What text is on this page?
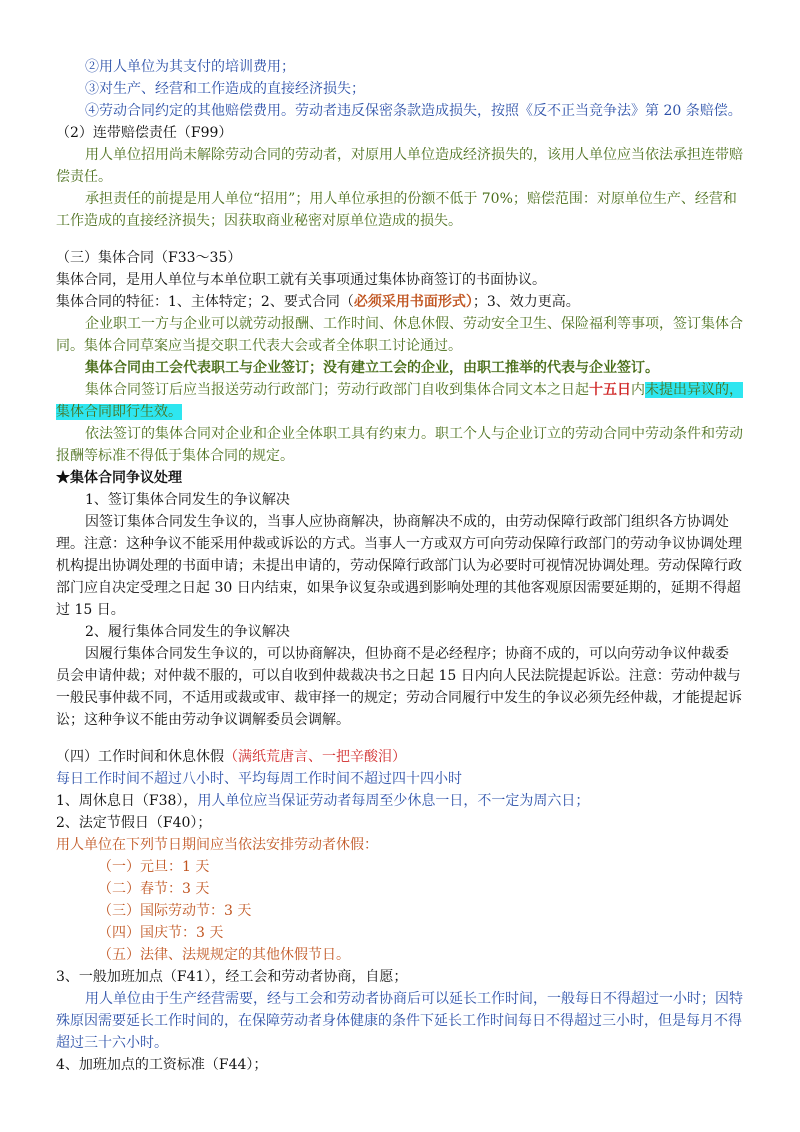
②用人单位为其支付的培训费用；
③对生产、经营和工作造成的直接经济损失；
④劳动合同约定的其他赔偿费用。劳动者违反保密条款造成损失，按照《反不正当竞争法》第 20 条赔偿。
（2）连带赔偿责任（F99）
用人单位招用尚未解除劳动合同的劳动者，对原用人单位造成经济损失的，该用人单位应当依法承担连带赔
偿责任。
承担责任的前提是用人单位“招用”；用人单位承担的份额不低于 70%；赔偿范围：对原单位生产、经营和
工作造成的直接经济损失；因获取商业秘密对原单位造成的损失。
（三）集体合同（F33～35）
集体合同，是用人单位与本单位职工就有关事项通过集体协商签订的书面协议。
集体合同的特征：1、主体特定；2、要式合同（必须采用书面形式）；3、效力更高。
企业职工一方与企业可以就劳动报酬、工作时间、休息休假、劳动安全卫生、保险福利等事项，签订集体合
同。集体合同草案应当提交职工代表大会或者全体职工讨论通过。
集体合同由工会代表职工与企业签订；没有建立工会的企业，由职工推举的代表与企业签订。
集体合同签订后应当报送劳动行政部门；劳动行政部门自收到集体合同文本之日起十五日内未提出异议的，
集体合同即行生效。
依法签订的集体合同对企业和企业全体职工具有约束力。职工个人与企业订立的劳动合同中劳动条件和劳动
报酬等标准不得低于集体合同的规定。
★集体合同争议处理
1、签订集体合同发生的争议解决
因签订集体合同发生争议的，当事人应协商解决，协商解决不成的，由劳动保障行政部门组织各方协调处
理。注意：这种争议不能采用仲裁或诉讼的方式。当事人一方或双方可向劳动保障行政部门的劳动争议协调处理
机构提出协调处理的书面申请；未提出申请的，劳动保障行政部门认为必要时可视情况协调处理。劳动保障行政
部门应自决定受理之日起 30 日内结束，如果争议复杂或遇到影响处理的其他客观原因需要延期的，延期不得超
过 15 日。
2、履行集体合同发生的争议解决
因履行集体合同发生争议的，可以协商解决，但协商不是必经程序；协商不成的，可以向劳动争议仲裁委
员会申请仲裁；对仲裁不服的，可以自收到仲裁裁决书之日起 15 日内向人民法院提起诉讼。注意：劳动仲裁与
一般民事仲裁不同，不适用或裁或审、裁审择一的规定；劳动合同履行中发生的争议必须先经仲裁，才能提起诉
讼；这种争议不能由劳动争议调解委员会调解。
（四）工作时间和休息休假（满纸荒唐言、一把辛酸泪）
每日工作时间不超过八小时、平均每周工作时间不超过四十四小时
1、周休息日（F38），用人单位应当保证劳动者每周至少休息一日，不一定为周六日；
2、法定节假日（F40）；
用人单位在下列节日期间应当依法安排劳动者休假：
（一）元旦：1 天
（二）春节：3 天
（三）国际劳动节：3 天
（四）国庆节：3 天
（五）法律、法规规定的其他休假节日。
3、一般加班加点（F41），经工会和劳动者协商，自愿；
用人单位由于生产经营需要，经与工会和劳动者协商后可以延长工作时间，一般每日不得超过一小时；因特
殊原因需要延长工作时间的，在保障劳动者身体健康的条件下延长工作时间每日不得超过三小时，但是每月不得
超过三十六小时。
4、加班加点的工资标准（F44）；
